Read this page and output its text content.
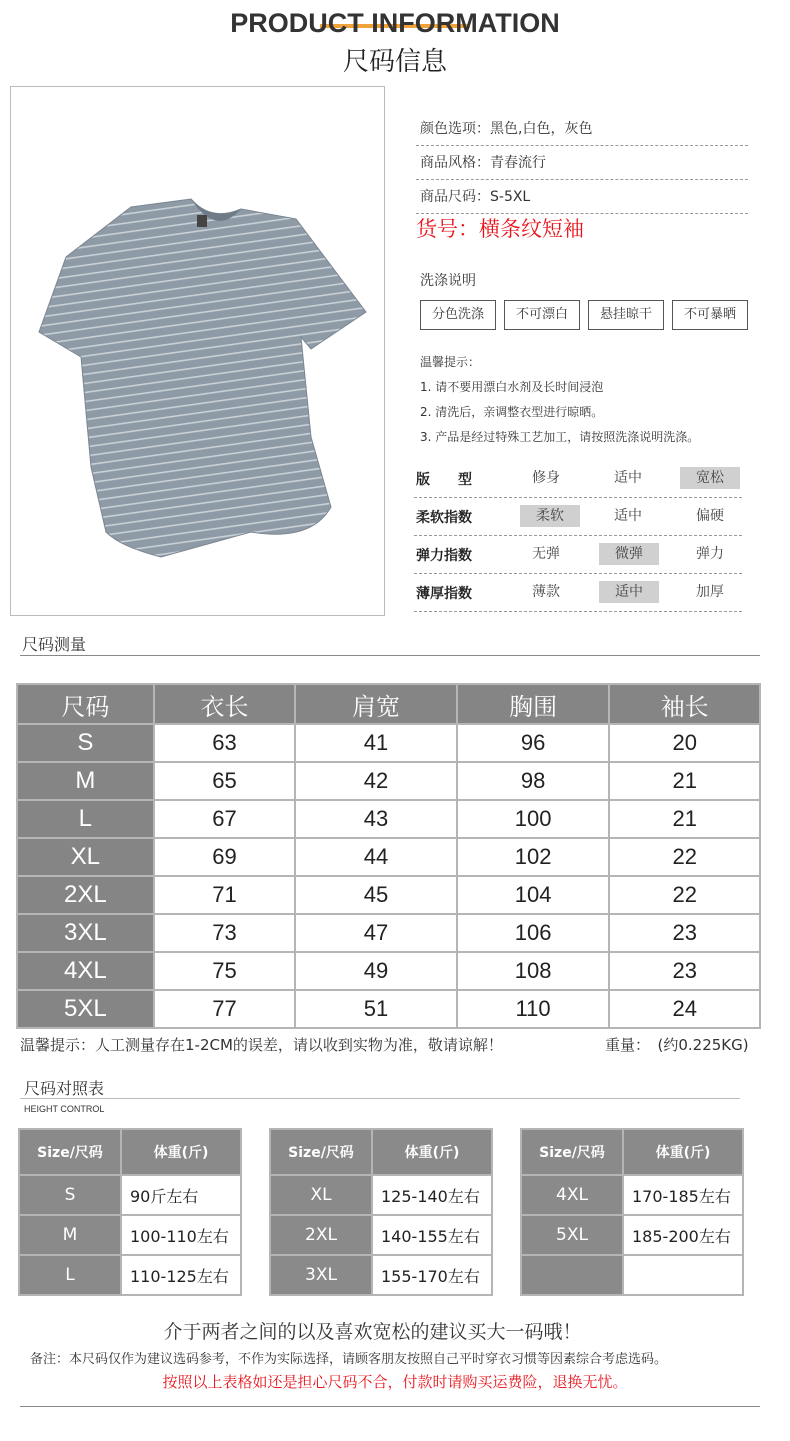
PRODUCT INFORMATION
尺码信息
颜色选项：黑色,白色，灰色
商品风格：青春流行
商品尺码：S-5XL
货号：横条纹短袖
洗涤说明
分色洗涤	不可漂白	悬挂晾干	不可暴晒
温馨提示：
1. 请不要用漂白水剂及长时间浸泡
2. 清洗后，亲调整衣型进行晾晒。
3. 产品是经过特殊工艺加工，请按照洗涤说明洗涤。
版　　型	修身	适中	宽松
柔软指数	柔软	适中	偏硬
弹力指数	无弹	微弹	弹力
薄厚指数	薄款	适中	加厚
尺码测量
尺码	衣长	肩宽	胸围	袖长
S	63	41	96	20
M	65	42	98	21
L	67	43	100	21
XL	69	44	102	22
2XL	71	45	104	22
3XL	73	47	106	23
4XL	75	49	108	23
5XL	77	51	110	24
温馨提示：人工测量存在1-2CM的误差，请以收到实物为准，敬请谅解！	重量：　(约0.225KG)
尺码对照表
HEIGHT CONTROL
Size/尺码	体重(斤)
S	90斤左右
M	100-110左右
L	110-125左右
Size/尺码	体重(斤)
XL	125-140左右
2XL	140-155左右
3XL	155-170左右
Size/尺码	体重(斤)
4XL	170-185左右
5XL	185-200左右

介于两者之间的以及喜欢宽松的建议买大一码哦！
备注：本尺码仅作为建议选码参考，不作为实际选择，请顾客朋友按照自己平时穿衣习惯等因素综合考虑选码。
按照以上表格如还是担心尺码不合，付款时请购买运费险，退换无忧。
